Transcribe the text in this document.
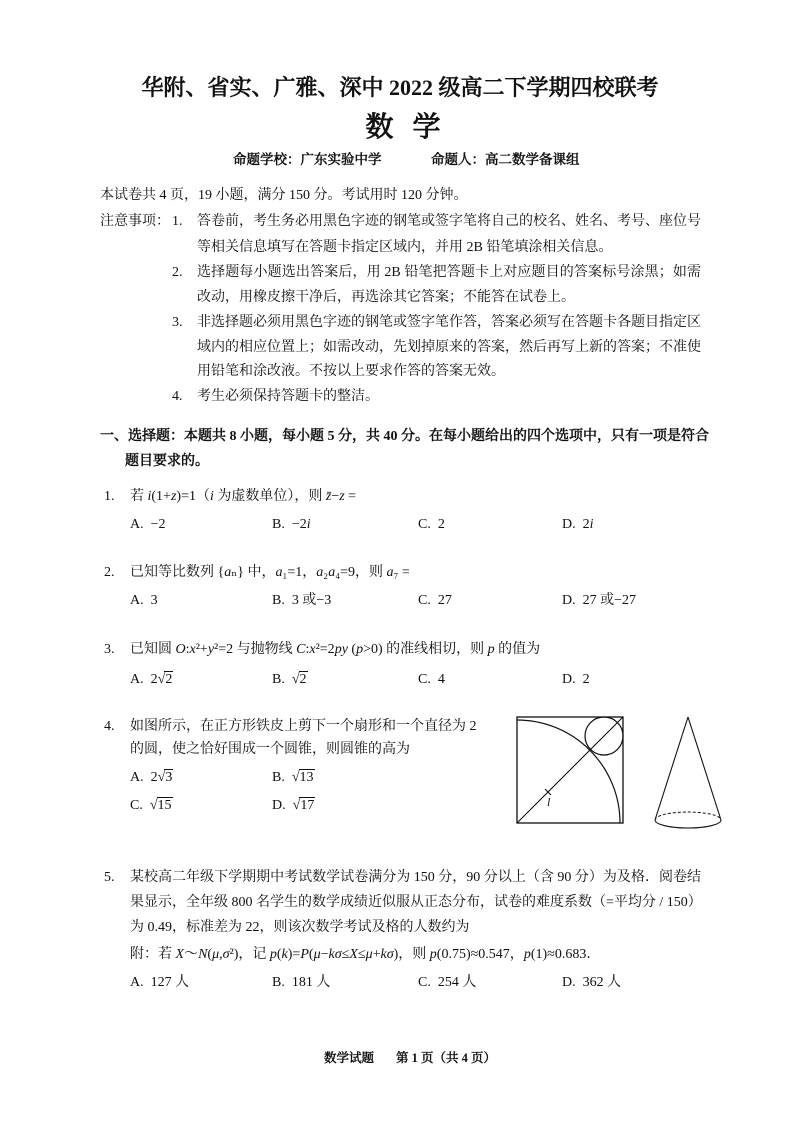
华附、省实、广雅、深中 2022 级高二下学期四校联考
数 学
命题学校：广东实验中学	命题人：高二数学备课组
本试卷共 4 页，19 小题，满分 150 分。考试用时 120 分钟。
注意事项：
一、选择题：本题共 8 小题，每小题 5 分，共 40 分。在每小题给出的四个选项中，只有一项是符合
题目要求的。
l
数学试题 第 1 页（共 4 页）
1. 答卷前，考生务必用黑色字迹的钢笔或签字笔将自己的校名、姓名、考号、座位号
等相关信息填写在答题卡指定区域内，并用 2B 铅笔填涂相关信息。
2. 选择题每小题选出答案后，用 2B 铅笔把答题卡上对应题目的答案标号涂黑；如需
改动，用橡皮擦干净后，再选涂其它答案；不能答在试卷上。
3. 非选择题必须用黑色字迹的钢笔或签字笔作答，答案必须写在答题卡各题目指定区
域内的相应位置上；如需改动，先划掉原来的答案，然后再写上新的答案；不准使
用铅笔和涂改液。不按以上要求作答的答案无效。
4. 考生必须保持答题卡的整洁。
1. 若 i(1+z)=1（i 为虚数单位），则 z̄−z =
A. −2	B. −2i	C. 2	D. 2i
2. 已知等比数列 {aₙ} 中，a₁=1，a₂a₄=9，则 a₇ =
A. 3	B. 3 或−3	C. 27	D. 27 或−27
3. 已知圆 O:x²+y²=2 与抛物线 C:x²=2py (p>0) 的准线相切，则 p 的值为
A. 2√2	B. √2	C. 4	D. 2
4. 如图所示，在正方形铁皮上剪下一个扇形和一个直径为 2
的圆，使之恰好围成一个圆锥，则圆锥的高为
A. 2√3	B. √13
C. √15	D. √17
5. 某校高二年级下学期期中考试数学试卷满分为 150 分，90 分以上（含 90 分）为及格．阅卷结
果显示，全年级 800 名学生的数学成绩近似服从正态分布，试卷的难度系数（=平均分 / 150）
为 0.49，标准差为 22，则该次数学考试及格的人数约为
附：若 X～N(μ,σ²)，记 p(k)=P(μ−kσ≤X≤μ+kσ)，则 p(0.75)≈0.547，p(1)≈0.683．
A. 127 人	B. 181 人	C. 254 人	D. 362 人
